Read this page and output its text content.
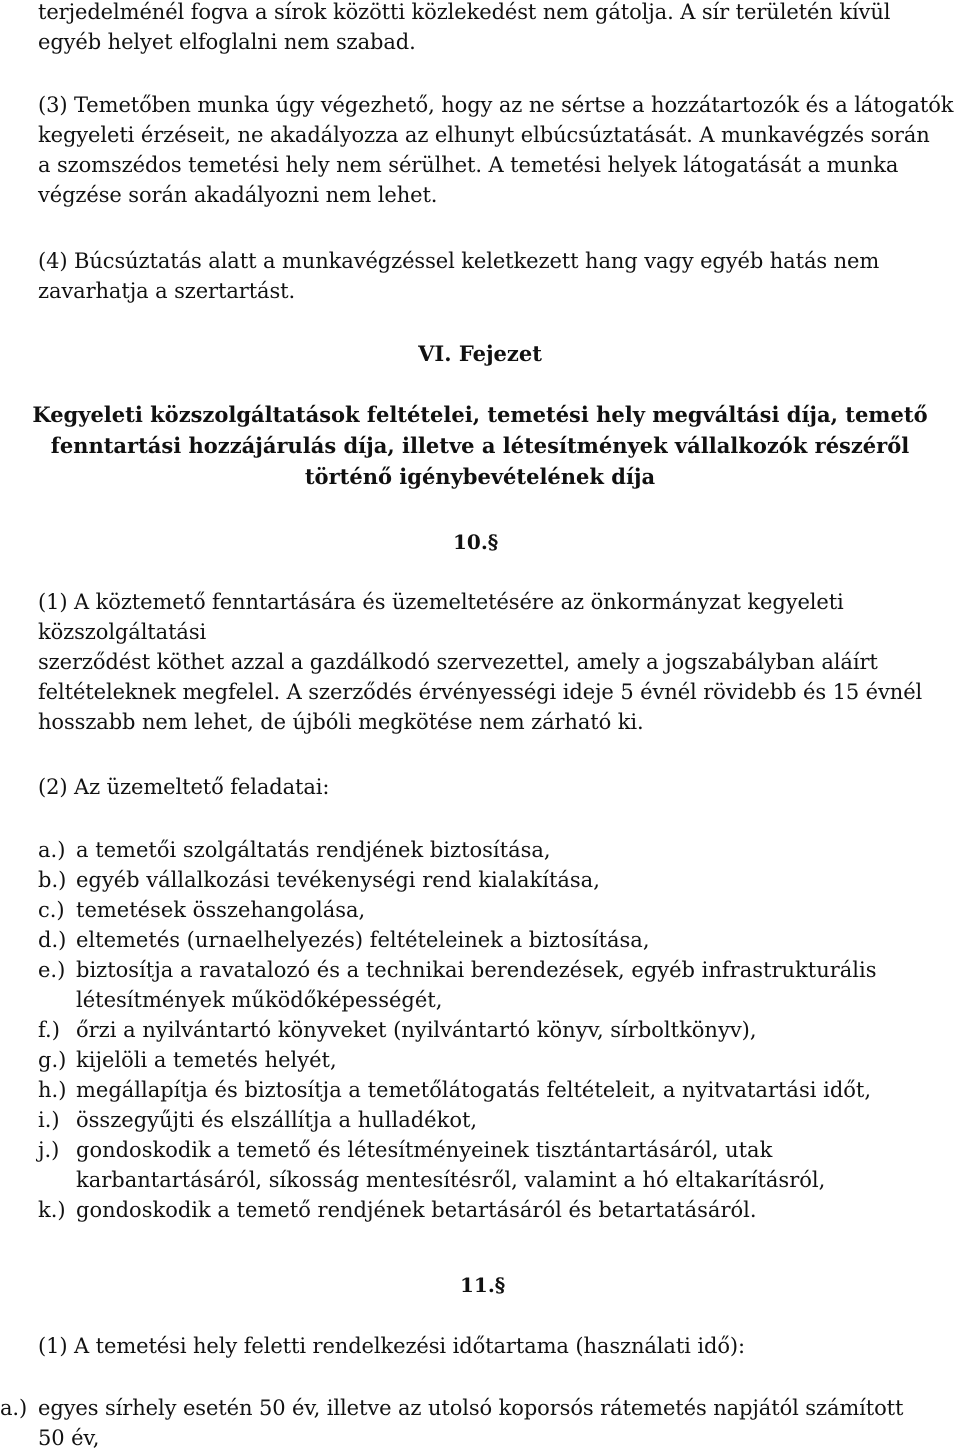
terjedelménél fogva a sírok közötti közlekedést nem gátolja. A sír területén kívül
egyéb helyet elfoglalni nem szabad.
(3) Temetőben munka úgy végezhető, hogy az ne sértse a hozzátartozók és a látogatók
kegyeleti érzéseit, ne akadályozza az elhunyt elbúcsúztatását. A munkavégzés során
a szomszédos temetési hely nem sérülhet. A temetési helyek látogatását a munka
végzése során akadályozni nem lehet.
(4) Búcsúztatás alatt a munkavégzéssel keletkezett hang vagy egyéb hatás nem
zavarhatja a szertartást.
VI. Fejezet
Kegyeleti közszolgáltatások feltételei, temetési hely megváltási díja, temető
fenntartási hozzájárulás díja, illetve a létesítmények vállalkozók részéről
történő igénybevételének díja
10.§
(1) A köztemető fenntartására és üzemeltetésére az önkormányzat kegyeleti
közszolgáltatási
szerződést köthet azzal a gazdálkodó szervezettel, amely a jogszabályban aláírt
feltételeknek megfelel. A szerződés érvényességi ideje 5 évnél rövidebb és 15 évnél
hosszabb nem lehet, de újbóli megkötése nem zárható ki.
(2) Az üzemeltető feladatai:
a.) a temetői szolgáltatás rendjének biztosítása,
b.) egyéb vállalkozási tevékenységi rend kialakítása,
c.) temetések összehangolása,
d.) eltemetés (urnaelhelyezés) feltételeinek a biztosítása,
e.) biztosítja a ravatalozó és a technikai berendezések, egyéb infrastrukturális
létesítmények működőképességét,
f.) őrzi a nyilvántartó könyveket (nyilvántartó könyv, sírboltkönyv),
g.) kijelöli a temetés helyét,
h.) megállapítja és biztosítja a temetőlátogatás feltételeit, a nyitvatartási időt,
i.) összegyűjti és elszállítja a hulladékot,
j.) gondoskodik a temető és létesítményeinek tisztántartásáról, utak
karbantartásáról, síkosság mentesítésről, valamint a hó eltakarításról,
k.) gondoskodik a temető rendjének betartásáról és betartatásáról.
11.§
(1) A temetési hely feletti rendelkezési időtartama (használati idő):
a.) egyes sírhely esetén 50 év, illetve az utolsó koporsós rátemetés napjától számított
50 év,
